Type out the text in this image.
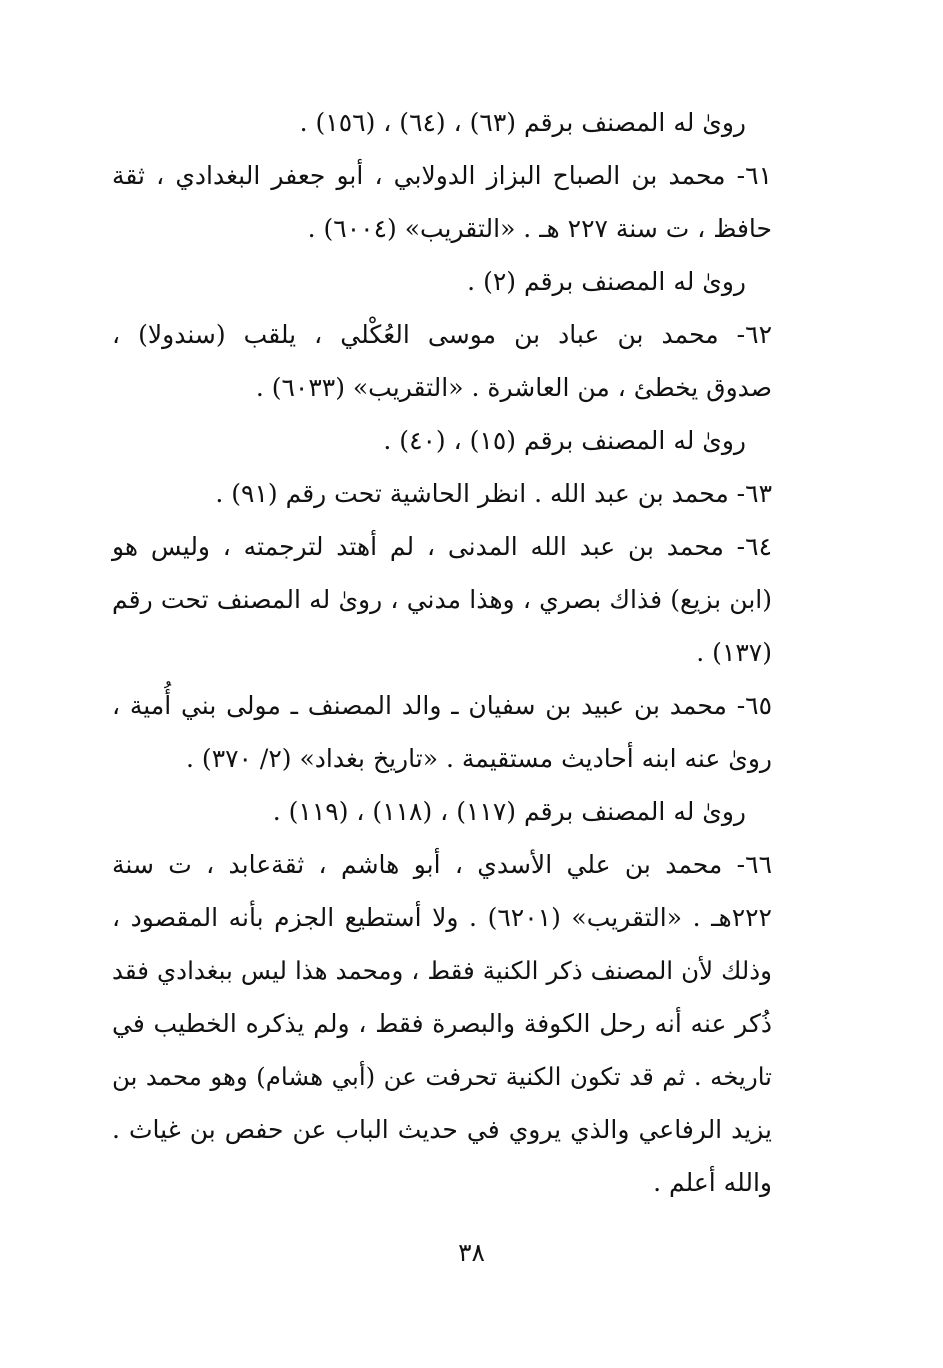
روىٰ له المصنف برقم (٦٣) ، (٦٤) ، (١٥٦) .
٦١- محمد بن الصباح البزاز الدولابي ، أبو جعفر البغدادي ، ثقة
حافظ ، ت سنة ٢٢٧ هـ . «التقريب» (٦٠٠٤) .
روىٰ له المصنف برقم (٢) .
٦٢- محمد بن عباد بن موسى العُكْلي ، يلقب (سندولا) ،
صدوق يخطئ ، من العاشرة . «التقريب» (٦٠٣٣) .
روىٰ له المصنف برقم (١٥) ، (٤٠) .
٦٣- محمد بن عبد الله . انظر الحاشية تحت رقم (٩١) .
٦٤- محمد بن عبد الله المدنى ، لم أهتد لترجمته ، وليس هو
(ابن بزيع) فذاك بصري ، وهذا مدني ، روىٰ له المصنف تحت رقم
(١٣٧) .
٦٥- محمد بن عبيد بن سفيان ـ والد المصنف ـ مولى بني أُمية ،
روىٰ عنه ابنه أحاديث مستقيمة . «تاريخ بغداد» (٢/ ٣٧٠) .
روىٰ له المصنف برقم (١١٧) ، (١١٨) ، (١١٩) .
٦٦- محمد بن علي الأسدي ، أبو هاشم ، ثقةعابد ، ت سنة
٢٢٢هـ . «التقريب» (٦٢٠١) . ولا أستطيع الجزم بأنه المقصود ،
وذلك لأن المصنف ذكر الكنية فقط ، ومحمد هذا ليس ببغدادي فقد
ذُكر عنه أنه رحل الكوفة والبصرة فقط ، ولم يذكره الخطيب في
تاريخه . ثم قد تكون الكنية تحرفت عن (أبي هشام) وهو محمد بن
يزيد الرفاعي والذي يروي في حديث الباب عن حفص بن غياث .
والله أعلم .
٣٨
